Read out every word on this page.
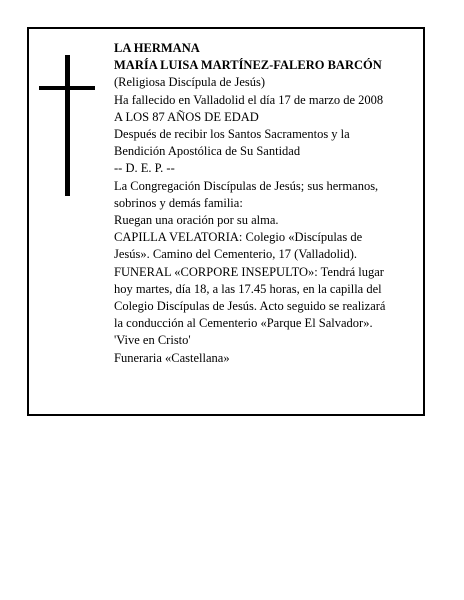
LA HERMANA

MARÍA LUISA MARTÍNEZ-FALERO BARCÓN

(Religiosa Discípula de Jesús)

Ha fallecido en Valladolid el día 17 de marzo de 2008

A LOS 87 AÑOS DE EDAD

Después de recibir los Santos Sacramentos y la

Bendición Apostólica de Su Santidad

-- D. E. P. --

La Congregación Discípulas de Jesús; sus hermanos,

sobrinos y demás familia:

Ruegan una oración por su alma.

CAPILLA VELATORIA: Colegio «Discípulas de

Jesús». Camino del Cementerio, 17 (Valladolid).

FUNERAL «CORPORE INSEPULTO»: Tendrá lugar

hoy martes, día 18, a las 17.45 horas, en la capilla del

Colegio Discípulas de Jesús. Acto seguido se realizará

la conducción al Cementerio «Parque El Salvador».

'Vive en Cristo'

Funeraria «Castellana»
